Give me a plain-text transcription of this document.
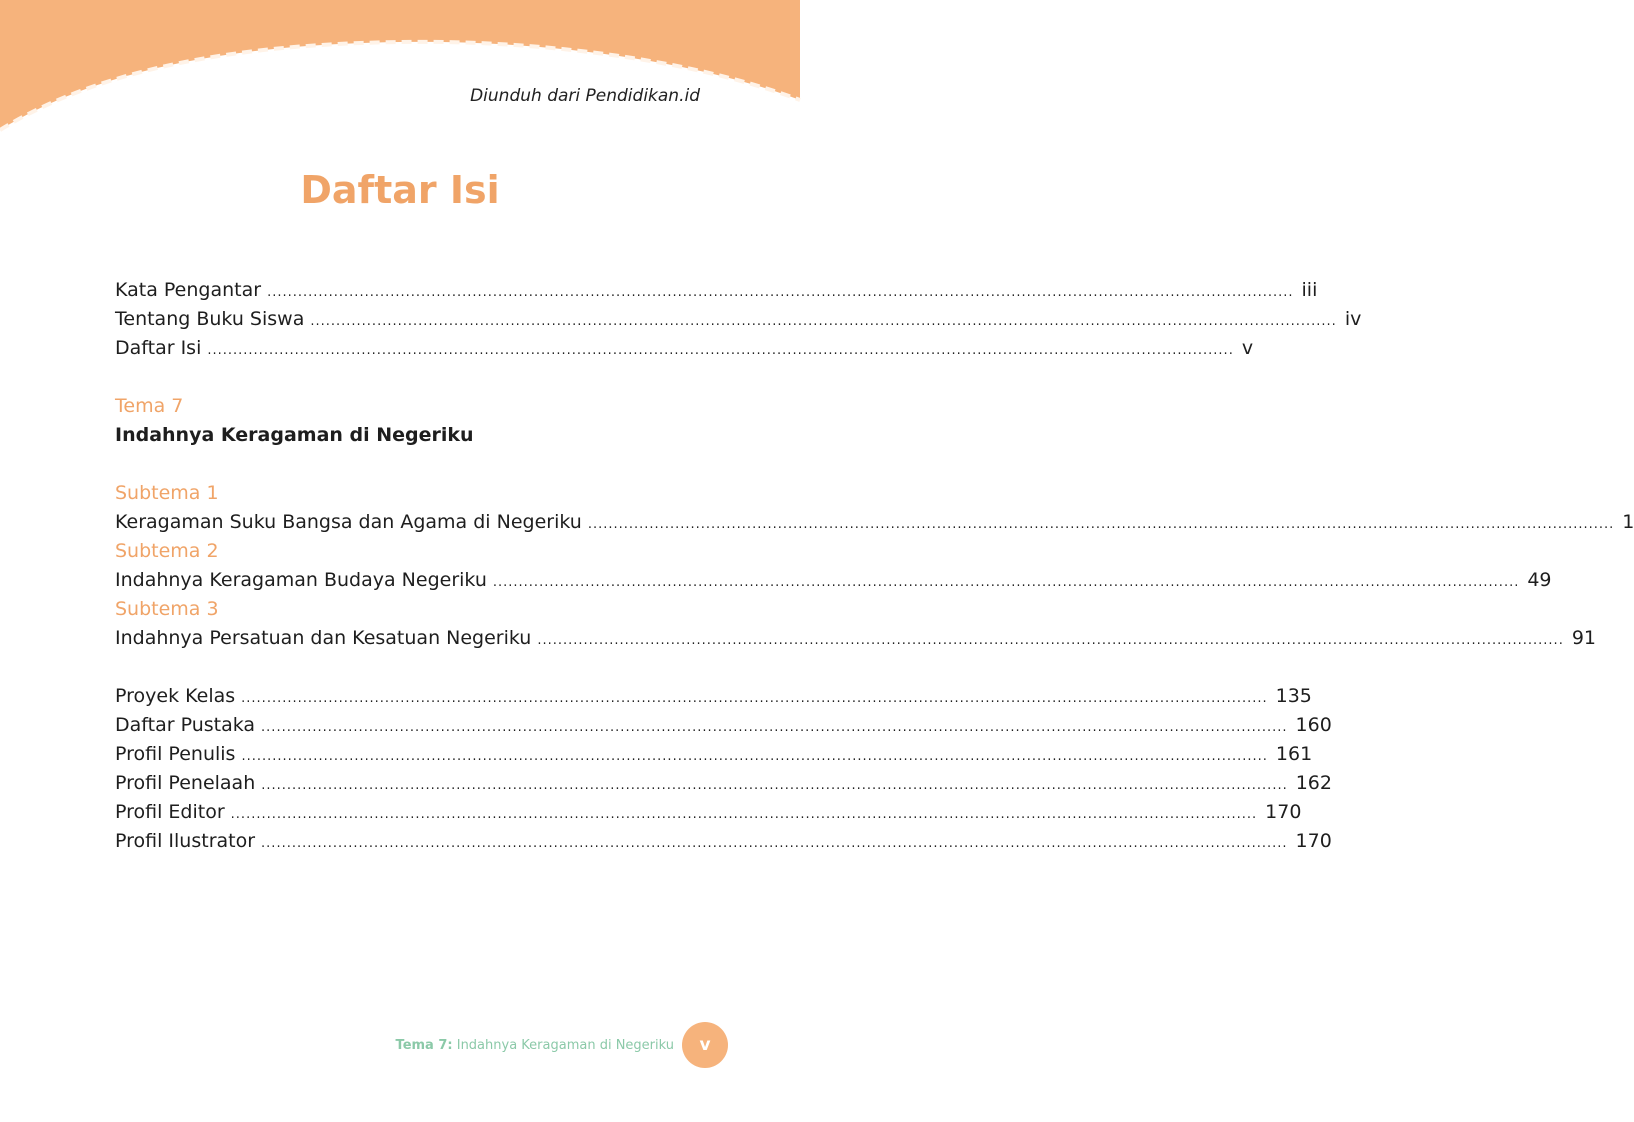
Diunduh dari Pendidikan.id
Daftar Isi
Kata Pengantar ........................................................................................................................................................................................................ iii
Tentang Buku Siswa ........................................................................................................................................................................................................ iv
Daftar Isi ........................................................................................................................................................................................................ v
Tema 7
Indahnya Keragaman di Negeriku
Subtema 1
Keragaman Suku Bangsa dan Agama di Negeriku ........................................................................................................................................................................................................ 1
Subtema 2
Indahnya Keragaman Budaya Negeriku ........................................................................................................................................................................................................ 49
Subtema 3
Indahnya Persatuan dan Kesatuan Negeriku ........................................................................................................................................................................................................ 91
Proyek Kelas ........................................................................................................................................................................................................ 135
Daftar Pustaka ........................................................................................................................................................................................................ 160
Profil Penulis ........................................................................................................................................................................................................ 161
Profil Penelaah ........................................................................................................................................................................................................ 162
Profil Editor ........................................................................................................................................................................................................ 170
Profil Ilustrator ........................................................................................................................................................................................................ 170
Tema 7: Indahnya Keragaman di Negeriku	v
